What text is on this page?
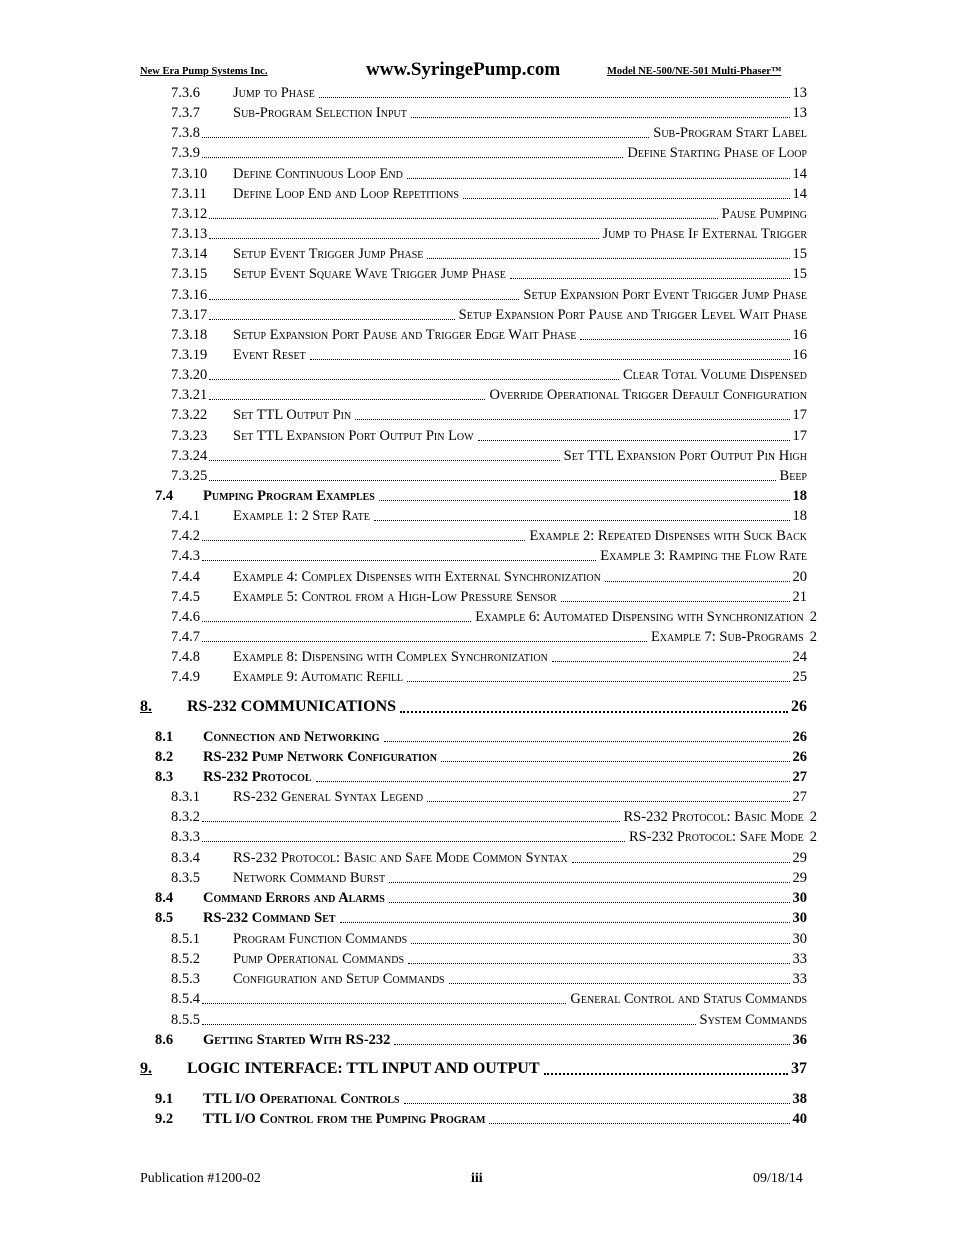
New Era Pump Systems Inc.	www.SyringePump.com	Model NE-500/NE-501 Multi-Phaser™
7.3.6 Jump to Phase	13
7.3.7 Sub-Program Selection Input	13
7.3.8	Sub-Program Start Label
7.3.9	Define Starting Phase of Loop
7.3.10 Define Continuous Loop End	14
7.3.11 Define Loop End and Loop Repetitions	14
7.3.12	Pause Pumping
7.3.13	Jump to Phase If External Trigger
7.3.14 Setup Event Trigger Jump Phase	15
7.3.15 Setup Event Square Wave Trigger Jump Phase	15
7.3.16	Setup Expansion Port Event Trigger Jump Phase
7.3.17	Setup Expansion Port Pause and Trigger Level Wait Phase
7.3.18 Setup Expansion Port Pause and Trigger Edge Wait Phase	16
7.3.19 Event Reset	16
7.3.20	Clear Total Volume Dispensed
7.3.21	Override Operational Trigger Default Configuration
7.3.22 Set TTL Output Pin	17
7.3.23 Set TTL Expansion Port Output Pin Low	17
7.3.24	Set TTL Expansion Port Output Pin High
7.3.25	Beep
7.4 Pumping Program Examples	18
7.4.1 Example 1: 2 Step Rate	18
7.4.2	Example 2: Repeated Dispenses with Suck Back
7.4.3	Example 3: Ramping the Flow Rate
7.4.4 Example 4: Complex Dispenses with External Synchronization	20
7.4.5 Example 5: Control from a High-Low Pressure Sensor	21
7.4.6	Example 6: Automated Dispensing with Synchronization 2
7.4.7	Example 7: Sub-Programs 2
7.4.8 Example 8: Dispensing with Complex Synchronization	24
7.4.9 Example 9: Automatic Refill	25
8. RS-232 COMMUNICATIONS	26
8.1 Connection and Networking	26
8.2 RS-232 Pump Network Configuration	26
8.3 RS-232 Protocol	27
8.3.1 RS-232 General Syntax Legend	27
8.3.2	RS-232 Protocol: Basic Mode 2
8.3.3	RS-232 Protocol: Safe Mode 2
8.3.4 RS-232 Protocol: Basic and Safe Mode Common Syntax	29
8.3.5 Network Command Burst	29
8.4 Command Errors and Alarms	30
8.5 RS-232 Command Set	30
8.5.1 Program Function Commands	30
8.5.2 Pump Operational Commands	33
8.5.3 Configuration and Setup Commands	33
8.5.4	General Control and Status Commands
8.5.5	System Commands
8.6 Getting Started With RS-232	36
9. LOGIC INTERFACE: TTL INPUT AND OUTPUT	37
9.1 TTL I/O Operational Controls	38
9.2 TTL I/O Control from the Pumping Program	40
Publication #1200-02	iii	09/18/14
